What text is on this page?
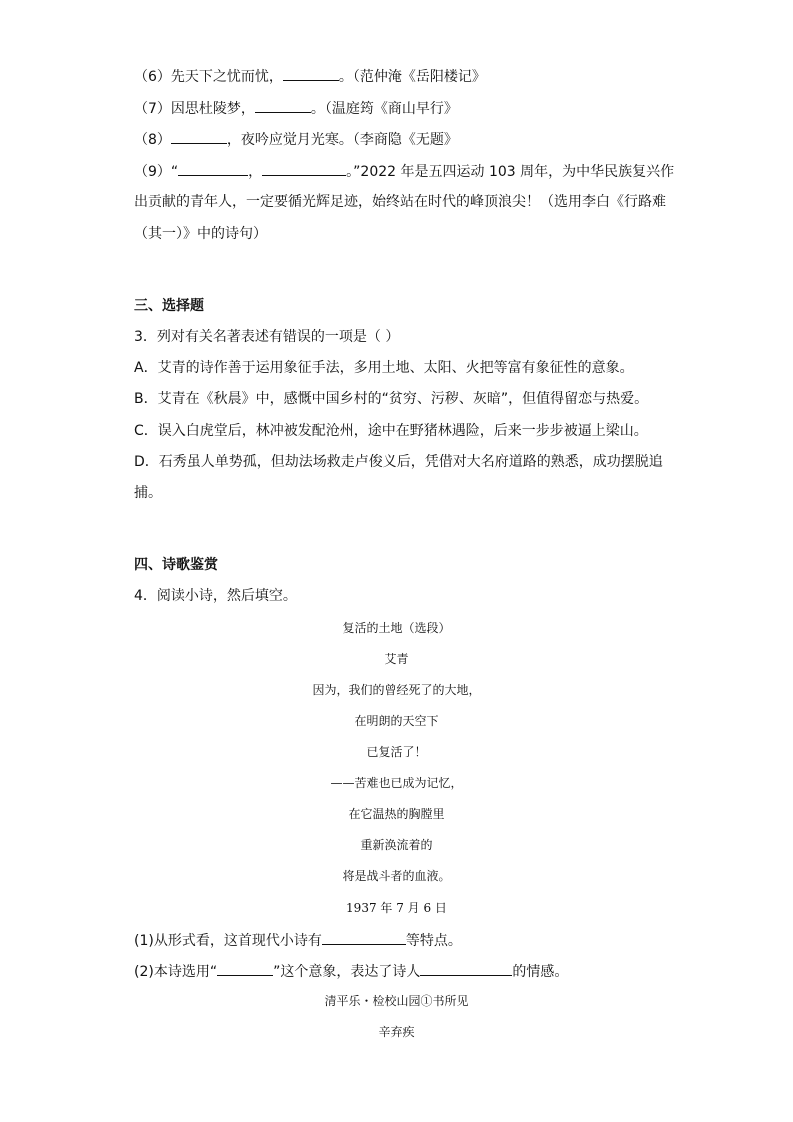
（6）先天下之忧而忧，	。（范仲淹《岳阳楼记》
（7）因思杜陵梦，	。（温庭筠《商山早行》
（8）	，夜吟应觉月光寒。（李商隐《无题》
（9）“	，	。”2022 年是五四运动 103 周年，为中华民族复兴作
出贡献的青年人，一定要循光辉足迹，始终站在时代的峰顶浪尖！（选用李白《行路难
（其一）》中的诗句）
三、选择题
3．列对有关名著表述有错误的一项是（ ）
A．艾青的诗作善于运用象征手法，多用土地、太阳、火把等富有象征性的意象。
B．艾青在《秋晨》中，感慨中国乡村的“贫穷、污秽、灰暗”，但值得留恋与热爱。
C．误入白虎堂后，林冲被发配沧州，途中在野猪林遇险，后来一步步被逼上梁山。
D．石秀虽人单势孤，但劫法场救走卢俊义后，凭借对大名府道路的熟悉，成功摆脱追
捕。
四、诗歌鉴赏
4．阅读小诗，然后填空。
复活的土地（选段）
艾青
因为，我们的曾经死了的大地，
在明朗的天空下
已复活了！
——苦难也已成为记忆，
在它温热的胸膛里
重新涣流着的
将是战斗者的血液。
1937 年 7 月 6 日
(1)从形式看，这首现代小诗有	等特点。
(2)本诗选用“	”这个意象，表达了诗人	的情感。
清平乐・检校山园①书所见
辛弃疾
